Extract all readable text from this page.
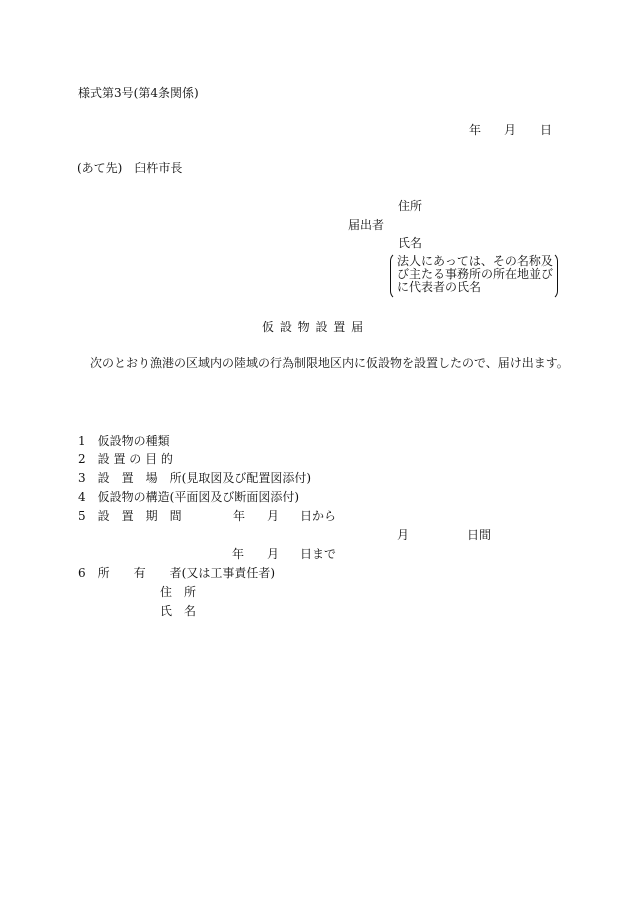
様式第3号(第4条関係)
年 月 日
(あて先)　臼杵市長
住所
届出者
氏名
法人にあっては、その名称及
び主たる事務所の所在地並び
に代表者の氏名
仮 設 物 設 置 届
次のとおり漁港の区域内の陸域の行為制限地区内に仮設物を設置したので、届け出ます。
1　仮設物の種類
2　設 置 の 目 的
3　設　置　場　所(見取図及び配置図添付)
4　仮設物の構造(平面図及び断面図添付)
5　設　置　期　間	年 月 日から
月	日間
年 月 日まで
6　所　　有　　者(又は工事責任者)
住　所
氏　名
